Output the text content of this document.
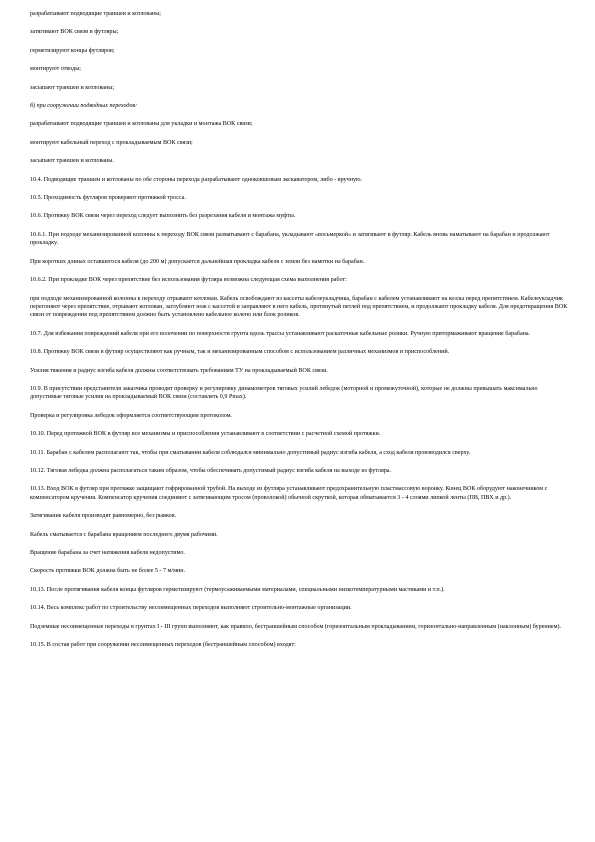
разрабатывают подводящие траншеи и котлованы;

затягивают ВОК связи в футляры;

герметизируют концы футляров;

монтируют отводы;

засыпают траншеи и котлованы;

б) при сооружении подводных переходов:

разрабатывают подводящие траншеи и котлованы для укладки и монтажа ВОК связи;

монтируют кабельный переход с прокладываемым ВОК связи;

засыпают траншеи и котлованы.

10.4. Подводящие траншеи и котлованы по обе стороны перехода разрабатывают одноковшовым экскаватором, либо - вручную.

10.5. Проходимость футляров проверяют протяжкой тросса.

10.6. Протяжку ВОК связи через переход следует выполнить без разрезания кабеля и монтажа муфты.

10.6.1. При подходе механизированной колонны к переходу ВОК связи разматывают с барабана, укладывают «восьмеркой» и затягивают в футляр. Кабель вновь наматывают на барабан и продолжают прокладку.

При коротких длинах оставшегося кабеля (до 200 м) допускается дальнейшая прокладка кабеля с земли без намотки на барабан.

10.6.2. При прокладке ВОК через препятствие без использования футляра возможна следующая схема выполнения работ:

при подходе механизированной колонны к переходу отрывают котлован. Кабель освобождают из кассеты кабелеукладчика, барабан с кабелем устанавливают на козлы перед препятствием. Кабелеукладчик перегоняют через препятствие, отрывают котлован, заглубляют нож с кассетой и заправляют в него кабель, протянутый петлей под препятствием, и продолжают прокладку кабеля. Для предотвращения ВОК связи от повреждения под препятствием должно быть установлено кабельное колено или блок роликов.

10.7. Для избежания повреждений кабеля при его волочении по поверхности грунта вдоль трассы устанавливают раскаточные кабельные ролики. Ручную притормаживают вращение барабана.

10.8. Протяжку ВОК связи в футляр осуществляют как ручным, так и механизированным способом с использованием различных механизмов и приспособлений.

Усилия тяжения и радиус изгиба кабеля должны соответствовать требованиям ТУ на прокладываемый ВОК связи.

10.9. В присутствии представителя заказчика проводят проверку и регулировку динамометров тяговых усилий лебедок (моторной и промежуточной), которые не должны превышать максимально допустимые тяговые усилия на прокладываемый ВОК связи (составлять 0,9 Pmax).

Проверка и регулировка лебедок оформляется соответствующим протоколом.

10.10. Перед протяжкой ВОК в футляр все механизмы и приспособления устанавливают в соответствии с расчетной схемой протяжки.

10.11. Барабан с кабелем располагают так, чтобы при сматывании кабеля соблюдался минимально допустимый радиус изгиба кабеля, а сход кабеля производился сверху.

10.12. Тяговая лебедка должна располагаться таким образом, чтобы обеспечивать допустимый радиус изгиба кабеля на выходе из футляра.

10.13. Вход ВОК в футляр при протяжке защищают гофрированной трубой. На выходе из футляра устанавливают предохранительную пластмассовую воронку. Конец ВОК оборудуют наконечником с компенсатором кручения. Компенсатор кручения соединяют с затягивающим тросом (проволокой) обычной скруткой, которая обматывается 3 - 4 слоями липкой ленты (ПВ, ПВХ и др.).

Затягивание кабеля производят равномерно, без рывков.

Кабель сматывается с барабана вращением последнего двумя рабочими.

Вращение барабана за счет натяжения кабеля недопустимо.

Скорость протяжки ВОК должна быть не более 5 - 7 м/мин.

10.13. После протягивания кабеля концы футляров герметизируют (термоусаживаемыми материалами, специальными низкотемпературными мастиками и т.п.).

10.14. Весь комплекс работ по строительству несоимещенных переходов выполняют строительно-монтажные организации.

Подземные несоимещенные переходы в грунтах I - III групп выполняют, как правило, бестраншейным способом (горизонтальным прокладыванием, горизонтально-направленным (наклонным) бурением).

10.15. В состав работ при сооружении несоимещенных переходов (бестраншейным способом) входят:
